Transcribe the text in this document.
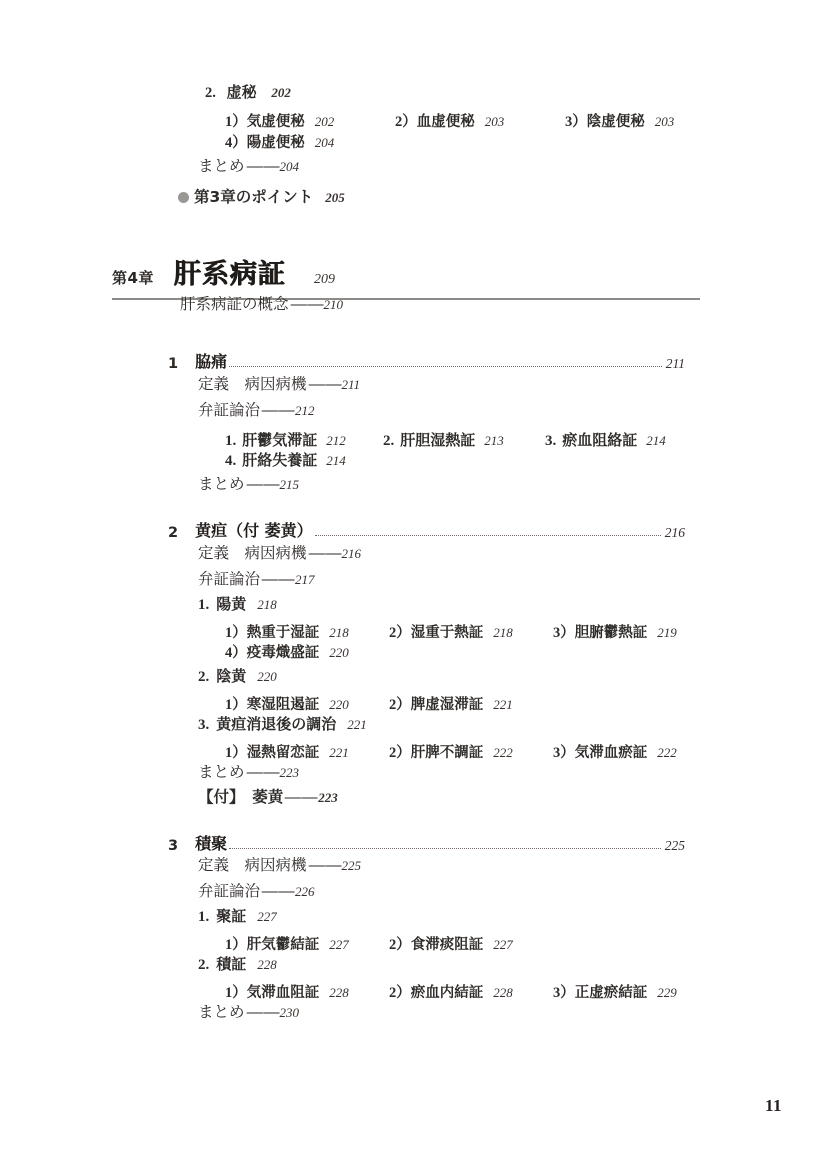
2. 虚秘 202
1）気虚便秘 202	2）血虚便秘 203	3）陰虚便秘 203
4）陽虚便秘 204
まとめ——204
第3章のポイント 205
第4章 肝系病証 209
肝系病証の概念——210
1 脇痛	211
定義　病因病機——211
弁証論治——212
1. 肝鬱気滞証 212 2. 肝胆湿熱証 213	3. 瘀血阻絡証 214
4. 肝絡失養証 214
まとめ——215
2 黄疸（付 萎黄）	216
定義　病因病機——216
弁証論治——217
1. 陽黄 218
1）熱重于湿証 218	2）湿重于熱証 218	3）胆腑鬱熱証 219
4）疫毒熾盛証 220
2. 陰黄 220
1）寒湿阻遏証 220	2）脾虚湿滞証 221
3. 黄疸消退後の調治 221
1）湿熱留恋証 221	2）肝脾不調証 222	3）気滞血瘀証 222
まとめ——223
【付】　萎黄——223
3 積聚	225
定義　病因病機——225
弁証論治——226
1. 聚証 227
1）肝気鬱結証 227	2）食滞痰阻証 227
2. 積証 228
1）気滞血阻証 228	2）瘀血内結証 228	3）正虚瘀結証 229
まとめ——230
11
